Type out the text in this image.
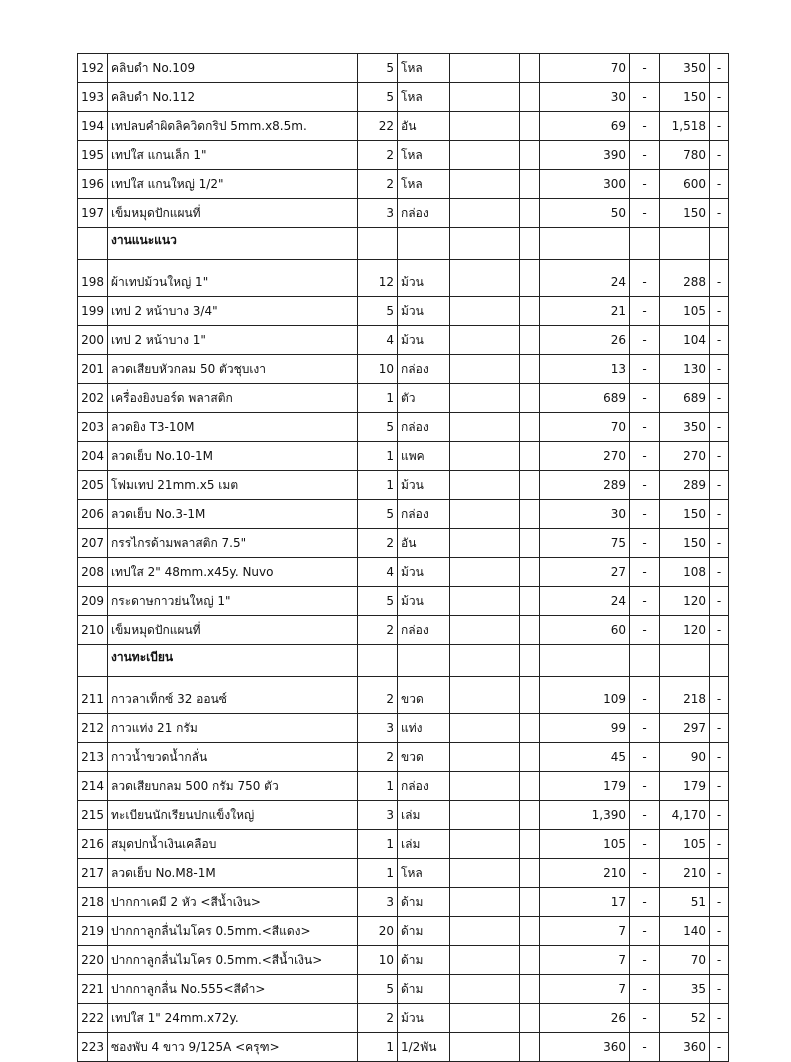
192	คลิบดำ No.109	5	โหล			70	-	350	-
193	คลิบดำ No.112	5	โหล			30	-	150	-
194	เทปลบคำผิดลิควิดกริป 5mm.x8.5m.	22	อัน			69	-	1,518	-
195	เทปใส แกนเล็ก 1"	2	โหล			390	-	780	-
196	เทปใส แกนใหญ่ 1/2"	2	โหล			300	-	600	-
197	เข็มหมุดปักแผนที่	3	กล่อง			50	-	150	-
	งานแนะแนว								
198	ผ้าเทปม้วนใหญ่ 1"	12	ม้วน			24	-	288	-
199	เทป 2 หน้าบาง 3/4"	5	ม้วน			21	-	105	-
200	เทป 2 หน้าบาง 1"	4	ม้วน			26	-	104	-
201	ลวดเสียบหัวกลม 50 ตัวชุบเงา	10	กล่อง			13	-	130	-
202	เครื่องยิงบอร์ด พลาสติก	1	ตัว			689	-	689	-
203	ลวดยิง T3-10M	5	กล่อง			70	-	350	-
204	ลวดเย็บ No.10-1M	1	แพค			270	-	270	-
205	โฟมเทป 21mm.x5 เมต	1	ม้วน			289	-	289	-
206	ลวดเย็บ No.3-1M	5	กล่อง			30	-	150	-
207	กรรไกรด้ามพลาสติก 7.5"	2	อัน			75	-	150	-
208	เทปใส 2" 48mm.x45y. Nuvo	4	ม้วน			27	-	108	-
209	กระดาษกาวย่นใหญ่ 1"	5	ม้วน			24	-	120	-
210	เข็มหมุดปักแผนที่	2	กล่อง			60	-	120	-
	งานทะเบียน								
211	กาวลาเท็กซ์ 32 ออนซ์	2	ขวด			109	-	218	-
212	กาวแท่ง 21 กรัม	3	แท่ง			99	-	297	-
213	กาวน้ำขวดน้ำกลั่น	2	ขวด			45	-	90	-
214	ลวดเสียบกลม 500 กรัม 750 ตัว	1	กล่อง			179	-	179	-
215	ทะเบียนนักเรียนปกแข็งใหญ่	3	เล่ม			1,390	-	4,170	-
216	สมุดปกน้ำเงินเคลือบ	1	เล่ม			105	-	105	-
217	ลวดเย็บ No.M8-1M	1	โหล			210	-	210	-
218	ปากกาเคมี 2 หัว <สีน้ำเงิน>	3	ด้าม			17	-	51	-
219	ปากกาลูกลื่นไมโคร 0.5mm.<สีแดง>	20	ด้าม			7	-	140	-
220	ปากกาลูกลื่นไมโคร 0.5mm.<สีน้ำเงิน>	10	ด้าม			7	-	70	-
221	ปากกาลูกลื่น No.555<สีดำ>	5	ด้าม			7	-	35	-
222	เทปใส 1" 24mm.x72y.	2	ม้วน			26	-	52	-
223	ซองพับ 4 ขาว 9/125A <ครุฑ>	1	1/2พัน			360	-	360	-
